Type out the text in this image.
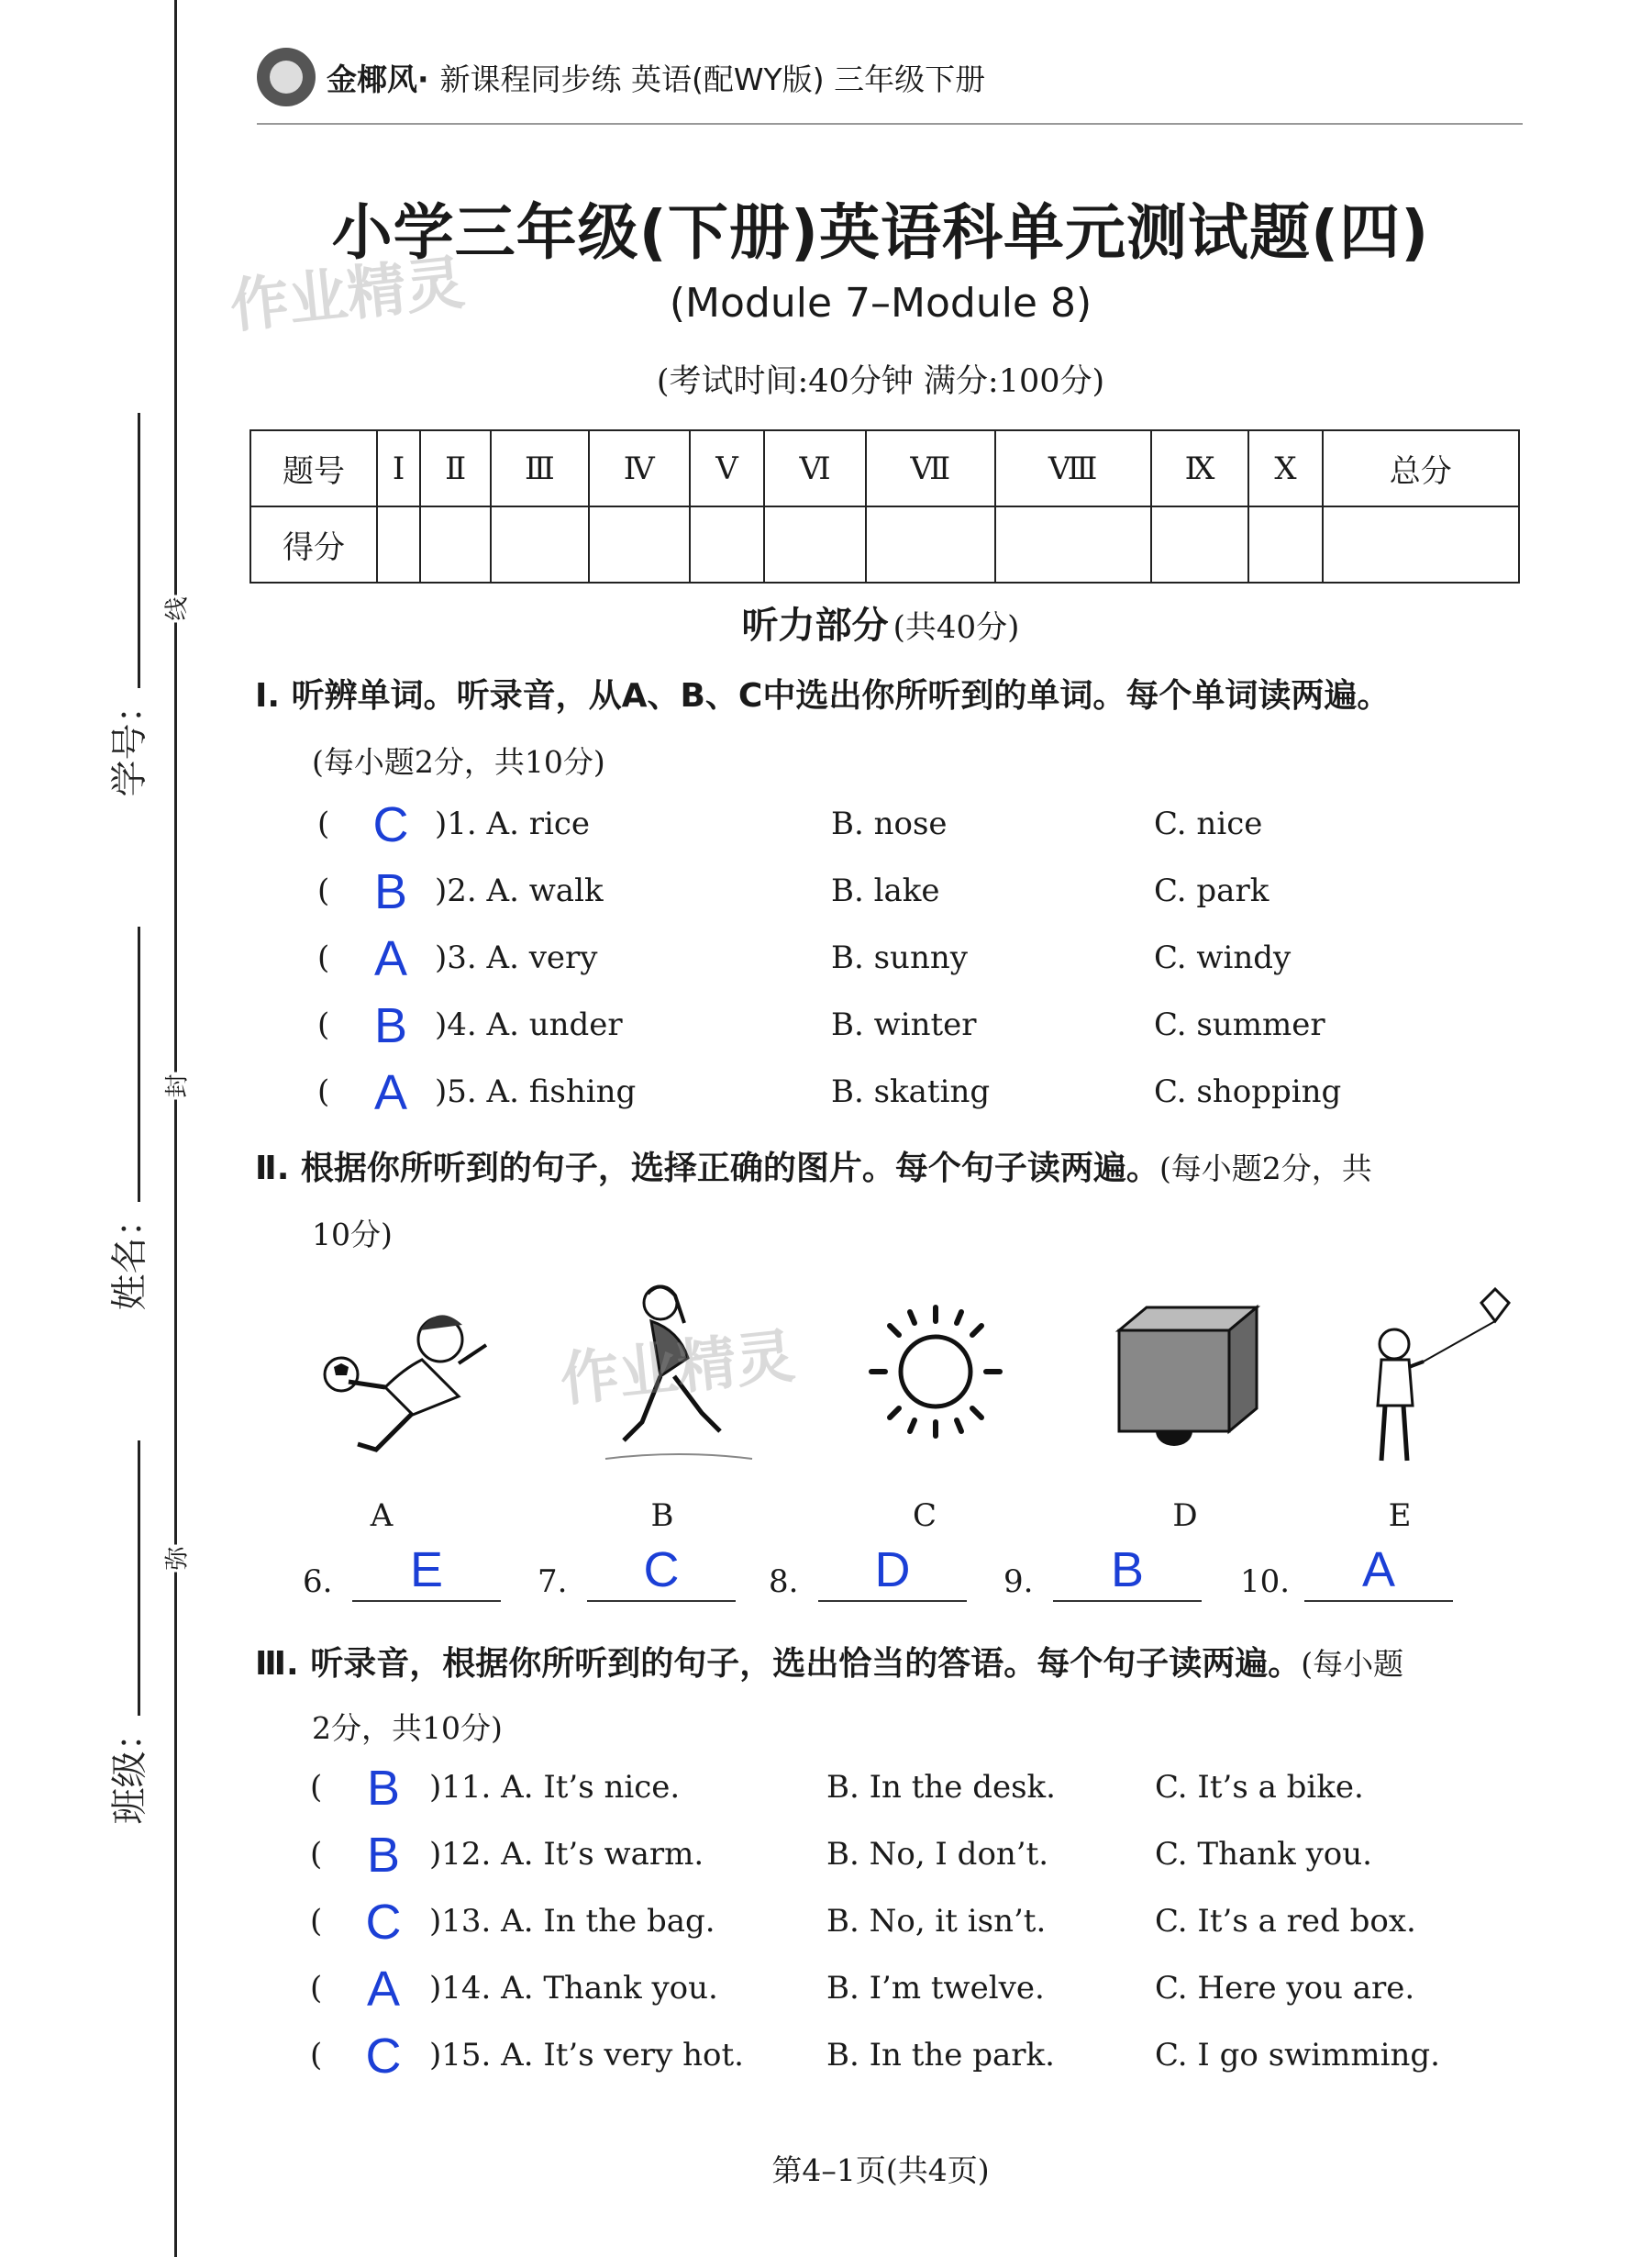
学号：
姓名：
班级：
线
封
弥
金椰风· 新课程同步练 英语(配WY版) 三年级下册
小学三年级(下册)英语科单元测试题(四)
(Module 7–Module 8)
(考试时间:40分钟 满分:100分)
作业精灵
题号	Ⅰ	Ⅱ	Ⅲ	Ⅳ	Ⅴ	Ⅵ	Ⅶ	Ⅷ	Ⅸ	Ⅹ	总分
得分											
听力部分 (共40分)
Ⅰ. 听辨单词。听录音，从A、B、C中选出你所听到的单词。每个单词读两遍。
(每小题2分，共10分)
( C )1. A. rice	B. nose	C. nice
( B )2. A. walk	B. lake	C. park
( A )3. A. very	B. sunny	C. windy
( B )4. A. under	B. winter	C. summer
( A )5. A. fishing	B. skating	C. shopping
Ⅱ. 根据你所听到的句子，选择正确的图片。每个句子读两遍。(每小题2分，共
10分)
A	B	C	D	E
作业精灵
6.	E	7.	C	8.	D	9.	B	10.	A
Ⅲ. 听录音，根据你所听到的句子，选出恰当的答语。每个句子读两遍。(每小题
2分，共10分)
( B )11. A. It’s nice.	B. In the desk.	C. It’s a bike.
( B )12. A. It’s warm.	B. No, I don’t.	C. Thank you.
( C )13. A. In the bag.	B. No, it isn’t.	C. It’s a red box.
( A )14. A. Thank you.	B. I’m twelve.	C. Here you are.
( C )15. A. It’s very hot.	B. In the park.	C. I go swimming.
第4–1页(共4页)
